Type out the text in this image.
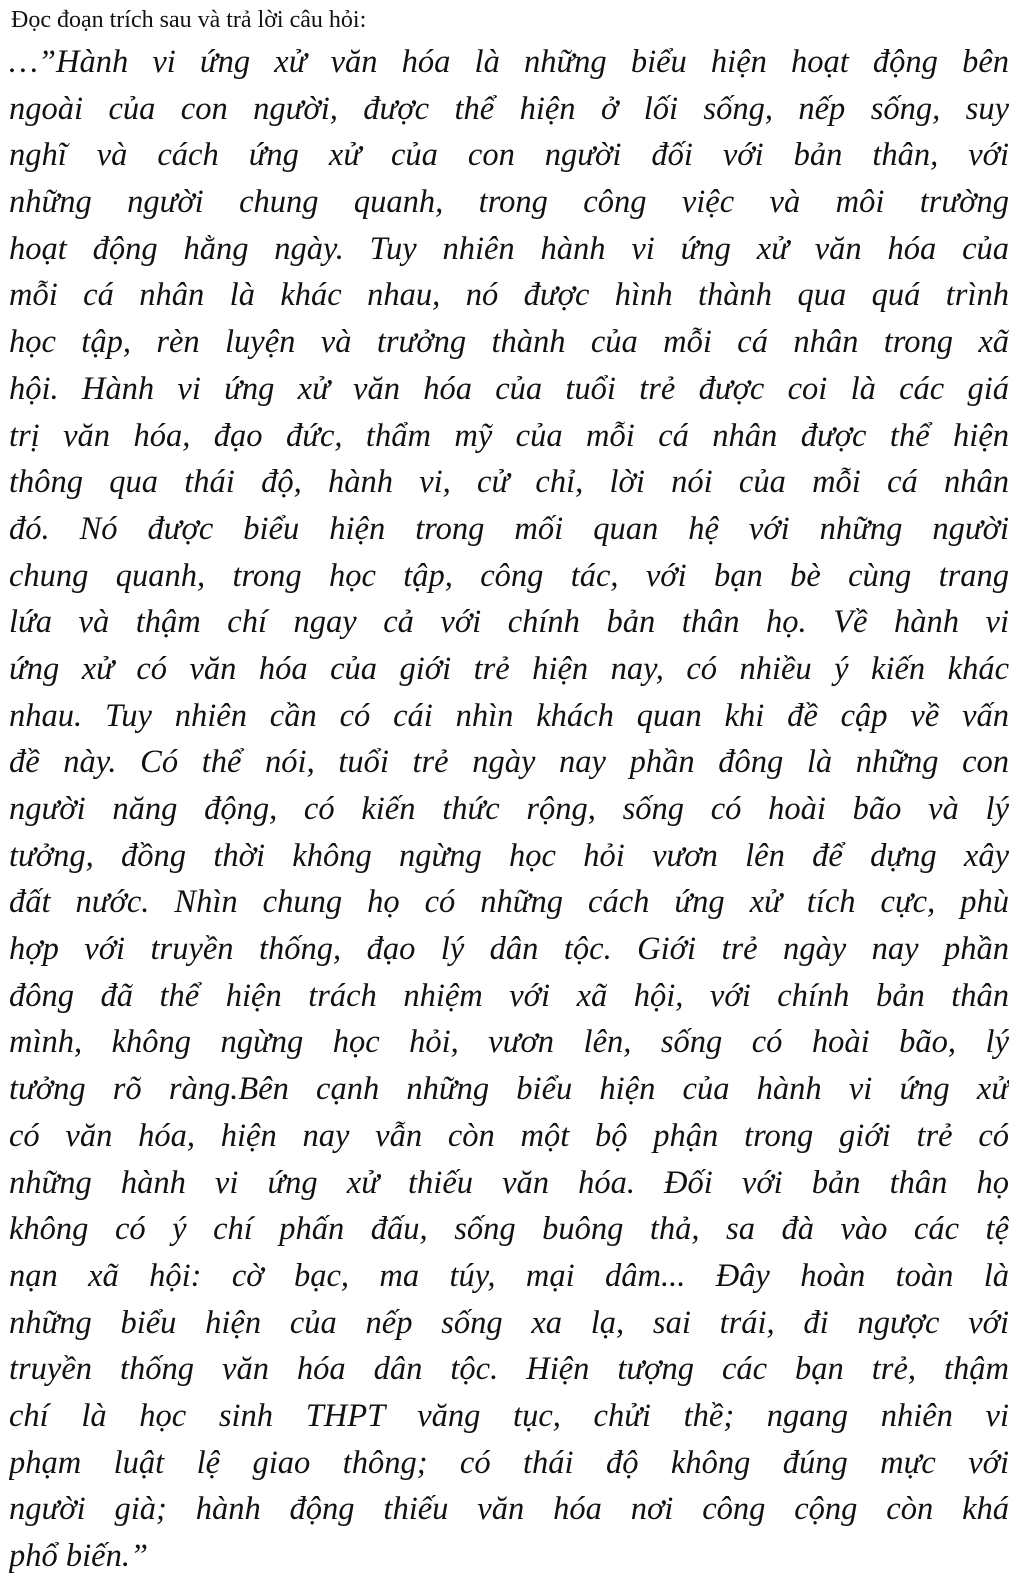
Đọc đoạn trích sau và trả lời câu hỏi:
…”Hành vi ứng xử văn hóa là những biểu hiện hoạt động bên
ngoài của con người, được thể hiện ở lối sống, nếp sống, suy
nghĩ và cách ứng xử của con người đối với bản thân, với
những người chung quanh, trong công việc và môi trường
hoạt động hằng ngày. Tuy nhiên hành vi ứng xử văn hóa của
mỗi cá nhân là khác nhau, nó được hình thành qua quá trình
học tập, rèn luyện và trưởng thành của mỗi cá nhân trong xã
hội. Hành vi ứng xử văn hóa của tuổi trẻ được coi là các giá
trị văn hóa, đạo đức, thẩm mỹ của mỗi cá nhân được thể hiện
thông qua thái độ, hành vi, cử chỉ, lời nói của mỗi cá nhân
đó. Nó được biểu hiện trong mối quan hệ với những người
chung quanh, trong học tập, công tác, với bạn bè cùng trang
lứa và thậm chí ngay cả với chính bản thân họ. Về hành vi
ứng xử có văn hóa của giới trẻ hiện nay, có nhiều ý kiến khác
nhau. Tuy nhiên cần có cái nhìn khách quan khi đề cập về vấn
đề này. Có thể nói, tuổi trẻ ngày nay phần đông là những con
người năng động, có kiến thức rộng, sống có hoài bão và lý
tưởng, đồng thời không ngừng học hỏi vươn lên để dựng xây
đất nước. Nhìn chung họ có những cách ứng xử tích cực, phù
hợp với truyền thống, đạo lý dân tộc. Giới trẻ ngày nay phần
đông đã thể hiện trách nhiệm với xã hội, với chính bản thân
mình, không ngừng học hỏi, vươn lên, sống có hoài bão, lý
tưởng rõ ràng.Bên cạnh những biểu hiện của hành vi ứng xử
có văn hóa, hiện nay vẫn còn một bộ phận trong giới trẻ có
những hành vi ứng xử thiếu văn hóa. Đối với bản thân họ
không có ý chí phấn đấu, sống buông thả, sa đà vào các tệ
nạn xã hội: cờ bạc, ma túy, mại dâm... Đây hoàn toàn là
những biểu hiện của nếp sống xa lạ, sai trái, đi ngược với
truyền thống văn hóa dân tộc. Hiện tượng các bạn trẻ, thậm
chí là học sinh THPT văng tục, chửi thề; ngang nhiên vi
phạm luật lệ giao thông; có thái độ không đúng mực với
người già; hành động thiếu văn hóa nơi công cộng còn khá
phổ biến.”
